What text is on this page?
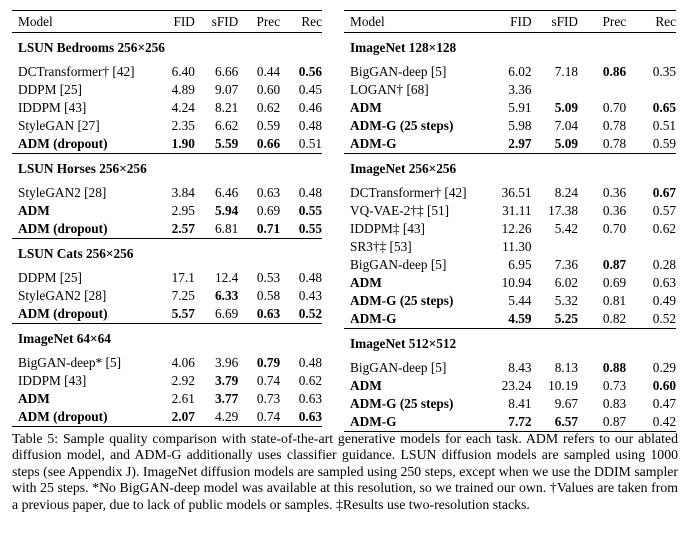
Model	FID	sFID	Prec	Rec
LSUN Bedrooms 256×256				
DCTransformer† [42]	6.40	6.66	0.44	0.56
DDPM [25]	4.89	9.07	0.60	0.45
IDDPM [43]	4.24	8.21	0.62	0.46
StyleGAN [27]	2.35	6.62	0.59	0.48
ADM (dropout)	1.90	5.59	0.66	0.51
LSUN Horses 256×256				
StyleGAN2 [28]	3.84	6.46	0.63	0.48
ADM	2.95	5.94	0.69	0.55
ADM (dropout)	2.57	6.81	0.71	0.55
LSUN Cats 256×256				
DDPM [25]	17.1	12.4	0.53	0.48
StyleGAN2 [28]	7.25	6.33	0.58	0.43
ADM (dropout)	5.57	6.69	0.63	0.52
ImageNet 64×64				
BigGAN-deep* [5]	4.06	3.96	0.79	0.48
IDDPM [43]	2.92	3.79	0.74	0.62
ADM	2.61	3.77	0.73	0.63
ADM (dropout)	2.07	4.29	0.74	0.63
Model	FID	sFID	Prec	Rec
ImageNet 128×128				
BigGAN-deep [5]	6.02	7.18	0.86	0.35
LOGAN† [68]	3.36			
ADM	5.91	5.09	0.70	0.65
ADM-G (25 steps)	5.98	7.04	0.78	0.51
ADM-G	2.97	5.09	0.78	0.59
ImageNet 256×256				
DCTransformer† [42]	36.51	8.24	0.36	0.67
VQ-VAE-2†‡ [51]	31.11	17.38	0.36	0.57
IDDPM‡ [43]	12.26	5.42	0.70	0.62
SR3†‡ [53]	11.30			
BigGAN-deep [5]	6.95	7.36	0.87	0.28
ADM	10.94	6.02	0.69	0.63
ADM-G (25 steps)	5.44	5.32	0.81	0.49
ADM-G	4.59	5.25	0.82	0.52
ImageNet 512×512				
BigGAN-deep [5]	8.43	8.13	0.88	0.29
ADM	23.24	10.19	0.73	0.60
ADM-G (25 steps)	8.41	9.67	0.83	0.47
ADM-G	7.72	6.57	0.87	0.42

Table 5: Sample quality comparison with state-of-the-art generative models for each task. ADM refers to our ablated diffusion model, and ADM-G additionally uses classifier guidance. LSUN diffusion models are sampled using 1000 steps (see Appendix J). ImageNet diffusion models are sampled using 250 steps, except when we use the DDIM sampler with 25 steps. *No BigGAN-deep model was available at this resolution, so we trained our own. †Values are taken from a previous paper, due to lack of public models or samples. ‡Results use two-resolution stacks.
